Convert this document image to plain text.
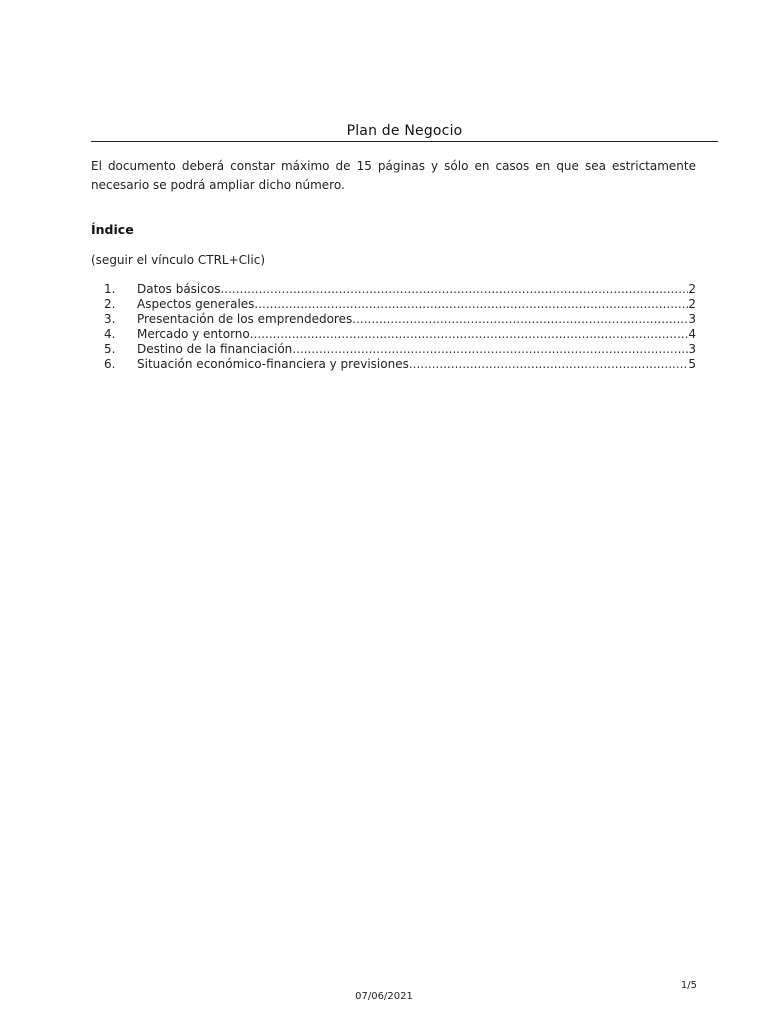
Plan de Negocio
El documento deberá constar máximo de 15 páginas y sólo en casos en que sea estrictamente necesario se podrá ampliar dicho número.
Índice
(seguir el vínculo CTRL+Clic)
1.	Datos básicos .....	2
2.	Aspectos generales .....	2
3.	Presentación de los emprendedores .....	3
4.	Mercado y entorno .....	4
5.	Destino de la financiación .....	3
6.	Situación económico-financiera y previsiones .....	5
1/5
07/06/2021
